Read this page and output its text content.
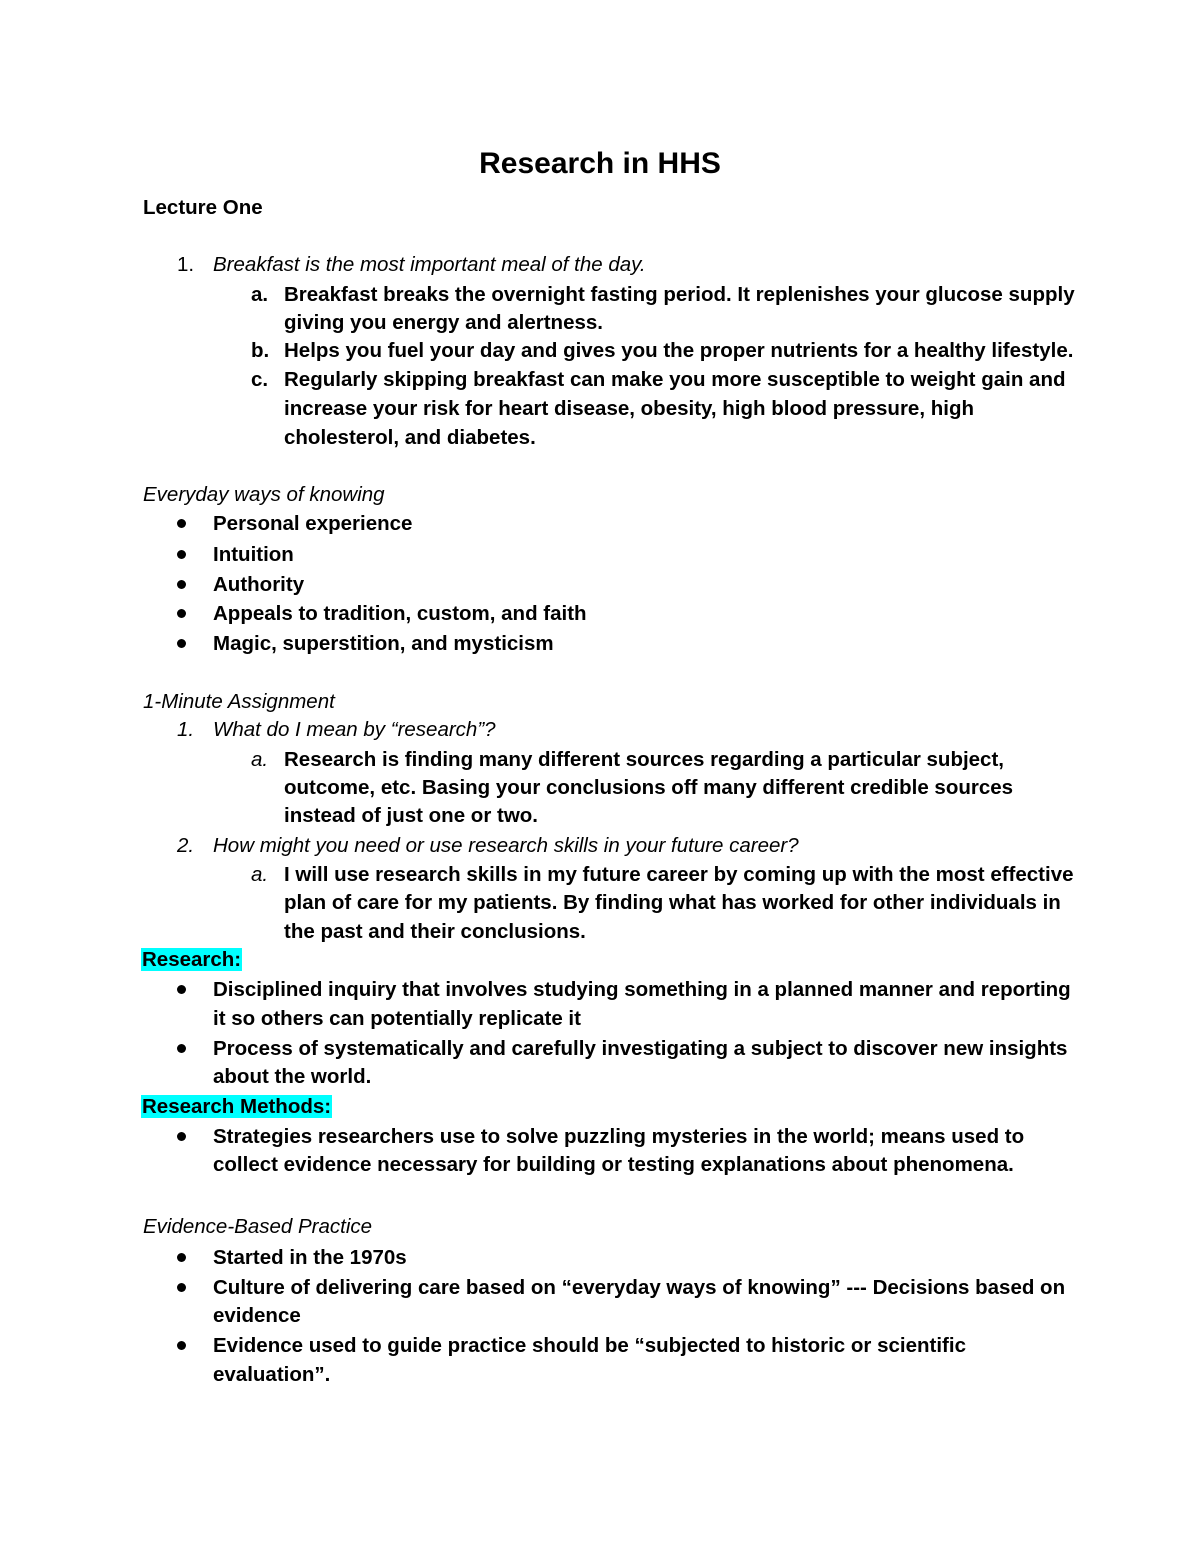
Research in HHS
Lecture One
1. Breakfast is the most important meal of the day.
a. Breakfast breaks the overnight fasting period. It replenishes your glucose supply
giving you energy and alertness.
b. Helps you fuel your day and gives you the proper nutrients for a healthy lifestyle.
c. Regularly skipping breakfast can make you more susceptible to weight gain and
increase your risk for heart disease, obesity, high blood pressure, high
cholesterol, and diabetes.
Everyday ways of knowing
Personal experience
Intuition
Authority
Appeals to tradition, custom, and faith
Magic, superstition, and mysticism
1-Minute Assignment
1. What do I mean by “research”?
a. Research is finding many different sources regarding a particular subject,
outcome, etc. Basing your conclusions off many different credible sources
instead of just one or two.
2. How might you need or use research skills in your future career?
a. I will use research skills in my future career by coming up with the most effective
plan of care for my patients. By finding what has worked for other individuals in
the past and their conclusions.
Research:
Disciplined inquiry that involves studying something in a planned manner and reporting
it so others can potentially replicate it
Process of systematically and carefully investigating a subject to discover new insights
about the world.
Research Methods:
Strategies researchers use to solve puzzling mysteries in the world; means used to
collect evidence necessary for building or testing explanations about phenomena.
Evidence-Based Practice
Started in the 1970s
Culture of delivering care based on “everyday ways of knowing” --- Decisions based on
evidence
Evidence used to guide practice should be “subjected to historic or scientific
evaluation”.
